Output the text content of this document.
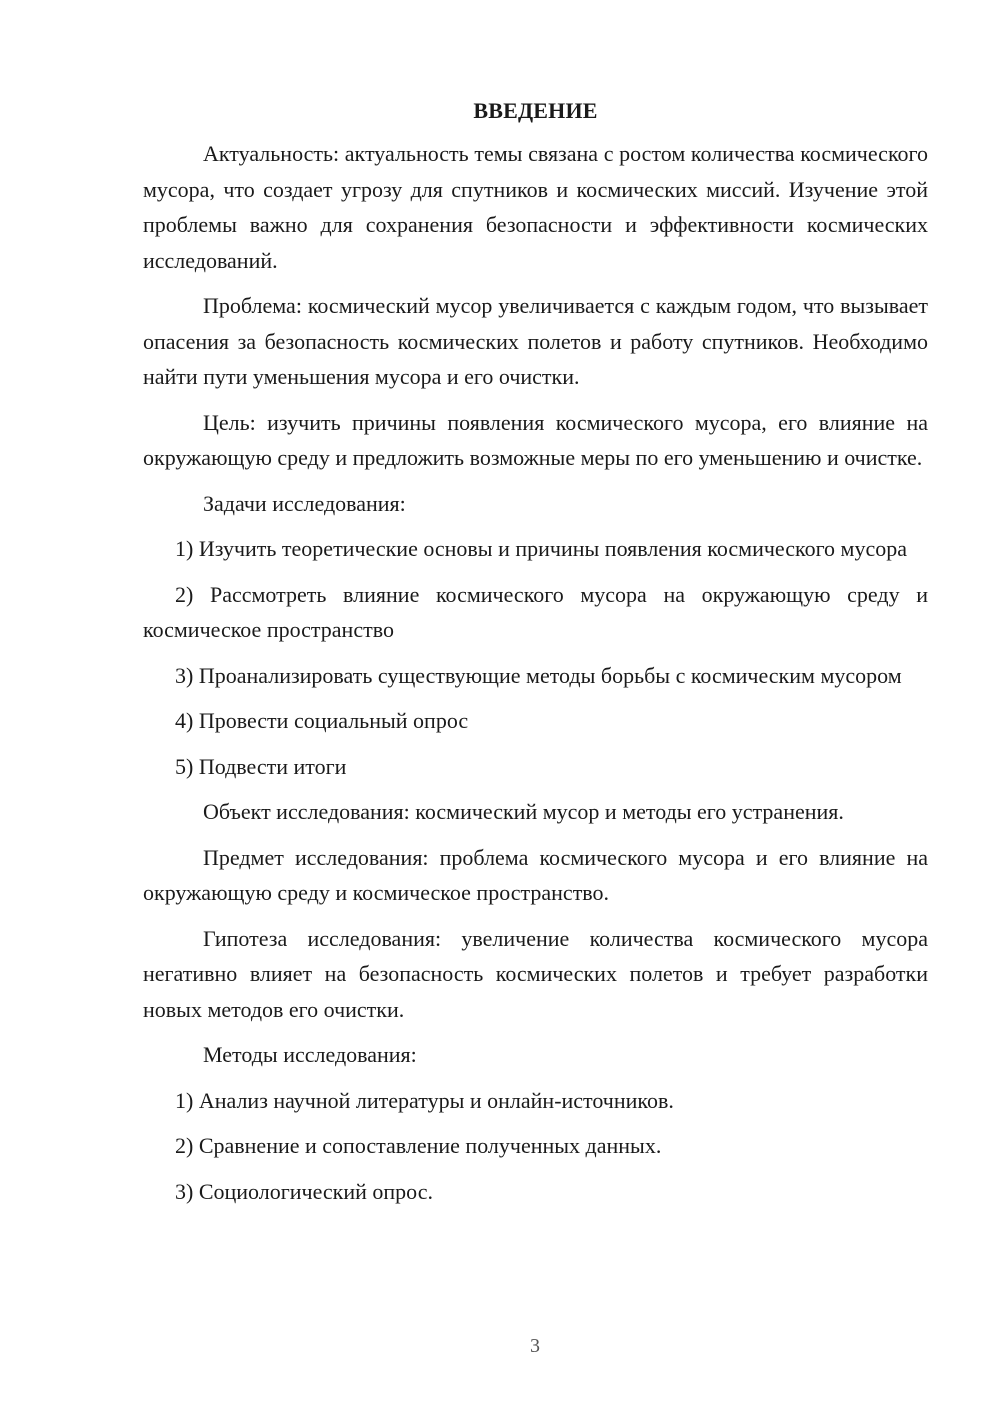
ВВЕДЕНИЕ

Актуальность: актуальность темы связана с ростом количества космического мусора, что создает угрозу для спутников и космических миссий. Изучение этой проблемы важно для сохранения безопасности и эффективности космических исследований.

Проблема: космический мусор увеличивается с каждым годом, что вызывает опасения за безопасность космических полетов и работу спутников. Необходимо найти пути уменьшения мусора и его очистки.

Цель: изучить причины появления космического мусора, его влияние на окружающую среду и предложить возможные меры по его уменьшению и очистке.

Задачи исследования:

1) Изучить теоретические основы и причины появления космического мусора

2) Рассмотреть влияние космического мусора на окружающую среду и космическое пространство

3) Проанализировать существующие методы борьбы с космическим мусором

4) Провести социальный опрос

5) Подвести итоги

Объект исследования: космический мусор и методы его устранения.

Предмет исследования: проблема космического мусора и его влияние на окружающую среду и космическое пространство.

Гипотеза исследования: увеличение количества космического мусора негативно влияет на безопасность космических полетов и требует разработки новых методов его очистки.

Методы исследования:

1) Анализ научной литературы и онлайн-источников.

2) Сравнение и сопоставление полученных данных.

3) Социологический опрос.

3
